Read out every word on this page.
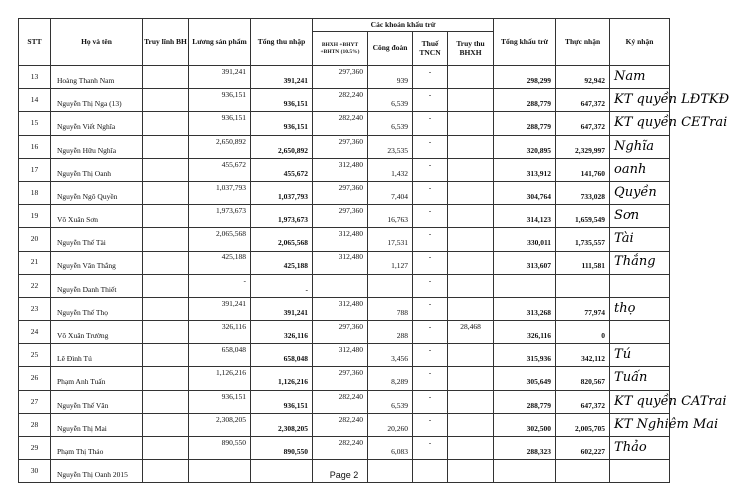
STT	Họ và tên	Truy lĩnh BH	Lương sản phẩm	Tổng thu nhập	Các khoản khấu trừ				Tổng khấu trừ	Thực nhận	Ký nhận
					BHXH +BHYT +BHTN (10.5%)	Công đoàn	Thuế TNCN	Truy thu BHXH			
13	Hoàng Thanh Nam		391,241	391,241	297,360	939	-		298,299	92,942	Nam
14	Nguyễn Thị Nga (13)		936,151	936,151	282,240	6,539	-		288,779	647,372	KT quyền LĐTKĐ
15	Nguyễn Viết Nghĩa		936,151	936,151	282,240	6,539	-		288,779	647,372	KT quyền CETrai
16	Nguyễn Hữu Nghĩa		2,650,892	2,650,892	297,360	23,535	-		320,895	2,329,997	Nghĩa
17	Nguyễn Thị Oanh		455,672	455,672	312,480	1,432	-		313,912	141,760	oanh
18	Nguyễn Ngô Quyền		1,037,793	1,037,793	297,360	7,404	-		304,764	733,028	Quyền
19	Võ Xuân Sơn		1,973,673	1,973,673	297,360	16,763	-		314,123	1,659,549	Sơn
20	Nguyễn Thế Tài		2,065,568	2,065,568	312,480	17,531	-		330,011	1,735,557	Tài
21	Nguyễn Văn Thắng		425,188	425,188	312,480	1,127	-		313,607	111,581	Thắng
22	Nguyễn Danh Thiết		-	-			-				
23	Nguyễn Thế Thọ		391,241	391,241	312,480	788	-		313,268	77,974	thọ
24	Võ Xuân Trường		326,116	326,116	297,360	288	-	28,468	326,116	0	
25	Lê Đình Tú		658,048	658,048	312,480	3,456	-		315,936	342,112	Tú
26	Phạm Anh Tuấn		1,126,216	1,126,216	297,360	8,289	-		305,649	820,567	Tuấn
27	Nguyễn Thế Văn		936,151	936,151	282,240	6,539	-		288,779	647,372	KT quyền CATrai
28	Nguyễn Thị Mai		2,308,205	2,308,205	282,240	20,260	-		302,500	2,005,705	KT Nghiêm Mai
29	Phạm Thị Thảo		890,550	890,550	282,240	6,083	-		288,323	602,227	Thảo
30	Nguyễn Thị Oanh 2015											Page 2
